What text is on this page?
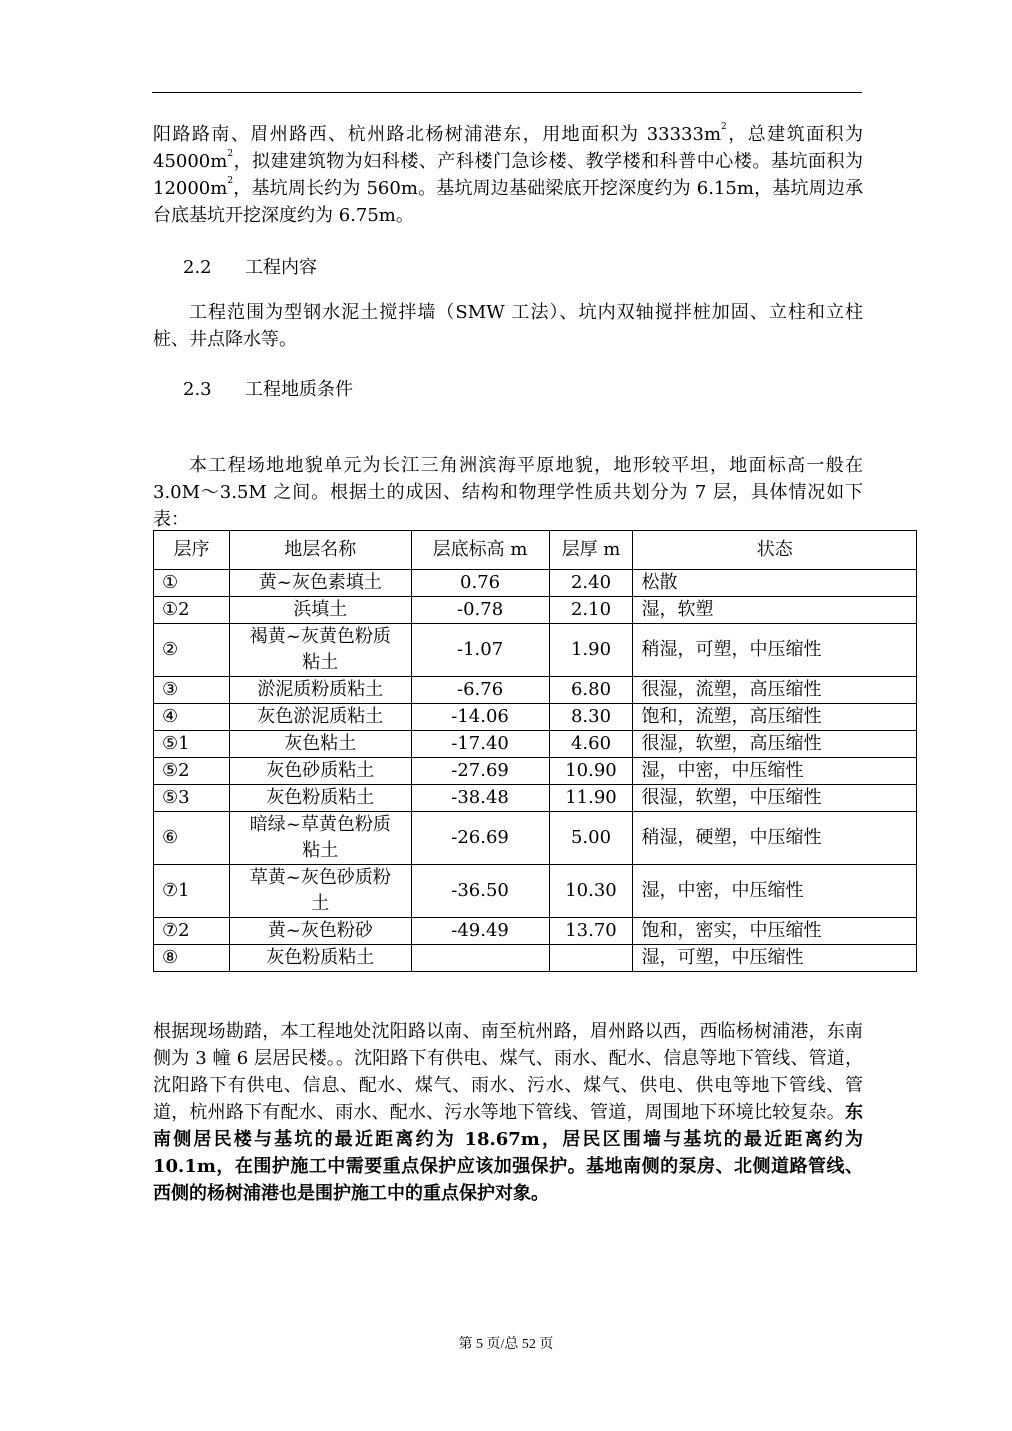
阳路路南、眉州路西、杭州路北杨树浦港东，用地面积为 $33333m^2$，总建筑面积为 $45000m^2$，拟建建筑物为妇科楼、产科楼门急诊楼、教学楼和科普中心楼。基坑面积为 $12000m^2$，基坑周长约为 560m。基坑周边基础梁底开挖深度约为 6.15m，基坑周边承台底基坑开挖深度约为 6.75m。

2.2 工程内容

工程范围为型钢水泥土搅拌墙（SMW 工法）、坑内双轴搅拌桩加固、立柱和立柱桩、井点降水等。

2.3 工程地质条件

本工程场地地貌单元为长江三角洲滨海平原地貌，地形较平坦，地面标高一般在 3.0M～3.5M 之间。根据土的成因、结构和物理学性质共划分为 7 层，具体情况如下表：

层序	地层名称	层底标高 m	层厚 m	状态
①	黄~灰色素填土	0.76	2.40	松散
①2	浜填土	-0.78	2.10	湿，软塑
②	褐黄~灰黄色粉质粘土	-1.07	1.90	稍湿，可塑，中压缩性
③	淤泥质粉质粘土	-6.76	6.80	很湿，流塑，高压缩性
④	灰色淤泥质粘土	-14.06	8.30	饱和，流塑，高压缩性
⑤1	灰色粘土	-17.40	4.60	很湿，软塑，高压缩性
⑤2	灰色砂质粘土	-27.69	10.90	湿，中密，中压缩性
⑤3	灰色粉质粘土	-38.48	11.90	很湿，软塑，中压缩性
⑥	暗绿~草黄色粉质粘土	-26.69	5.00	稍湿，硬塑，中压缩性
⑦1	草黄~灰色砂质粉土	-36.50	10.30	湿，中密，中压缩性
⑦2	黄~灰色粉砂	-49.49	13.70	饱和，密实，中压缩性
⑧	灰色粉质粘土			湿，可塑，中压缩性

根据现场勘踏，本工程地处沈阳路以南、南至杭州路，眉州路以西，西临杨树浦港，东南侧为 3 幢 6 层居民楼。。沈阳路下有供电、煤气、雨水、配水、信息等地下管线、管道，沈阳路下有供电、信息、配水、煤气、雨水、污水、煤气、供电、供电等地下管线、管道，杭州路下有配水、雨水、配水、污水等地下管线、管道，周围地下环境比较复杂。东南侧居民楼与基坑的最近距离约为 18.67m，居民区围墙与基坑的最近距离约为 10.1m，在围护施工中需要重点保护应该加强保护。基地南侧的泵房、北侧道路管线、西侧的杨树浦港也是围护施工中的重点保护对象。

第 5 页/总 52 页
